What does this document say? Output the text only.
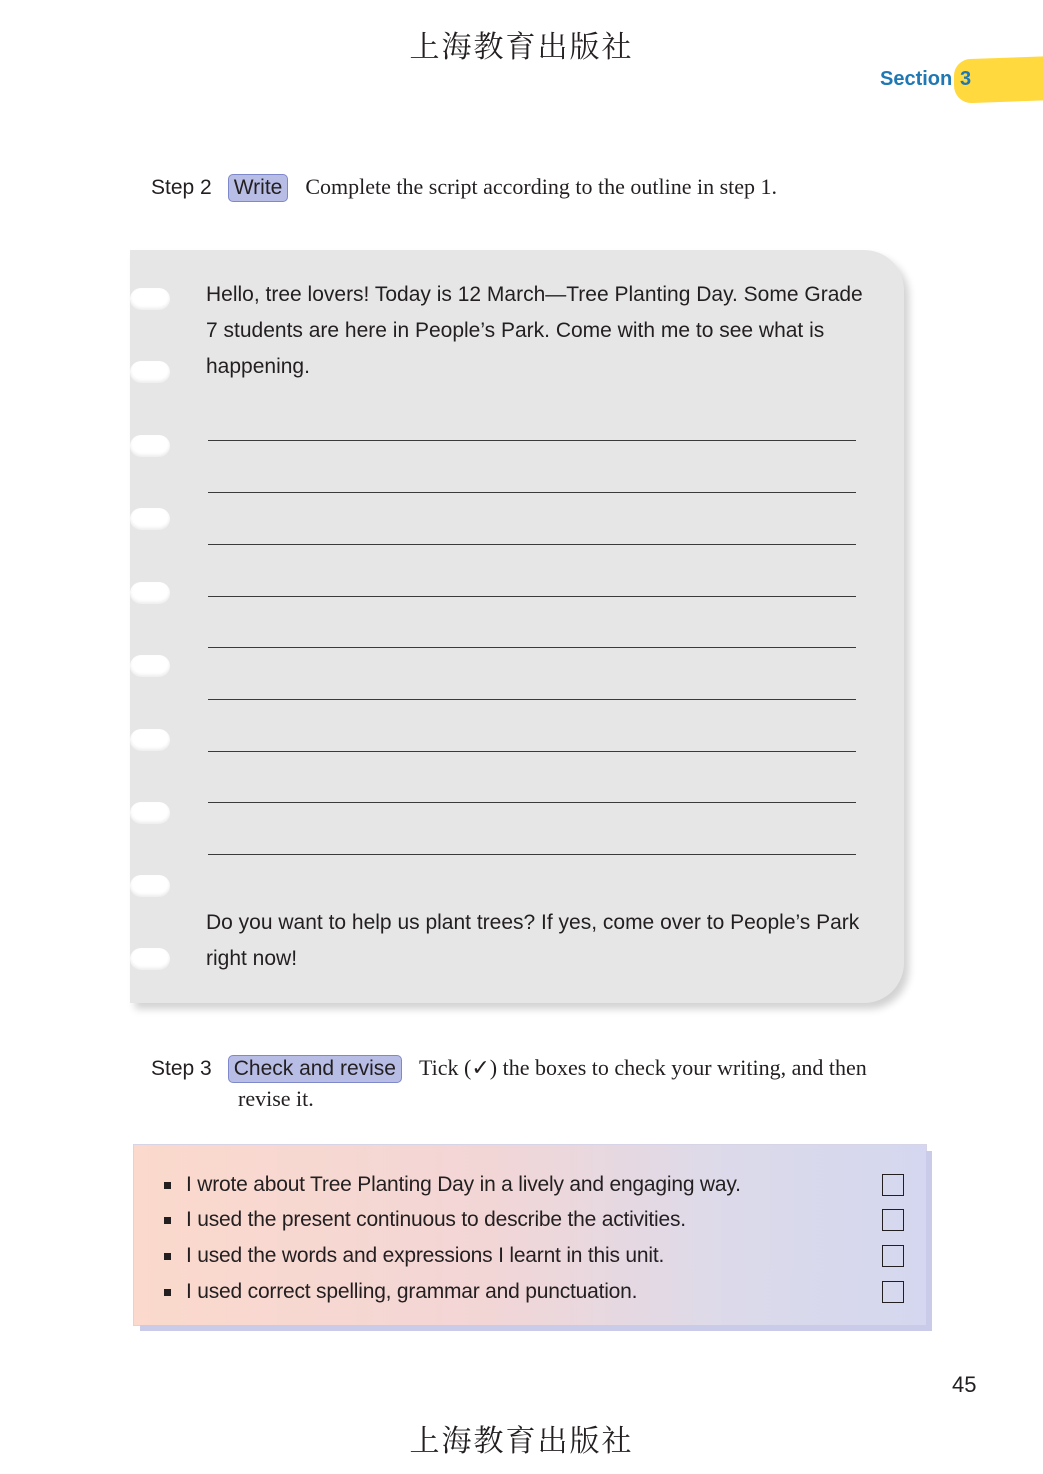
上海教育出版社
Section 3
Step 2 Write Complete the script according to the outline in step 1.
Hello, tree lovers! Today is 12 March—Tree Planting Day. Some Grade 7 students are here in People’s Park. Come with me to see what is happening.
Do you want to help us plant trees? If yes, come over to People’s Park right now!
Step 3 Check and revise Tick (✓) the boxes to check your writing, and then
revise it.
I wrote about Tree Planting Day in a lively and engaging way.
I used the present continuous to describe the activities.
I used the words and expressions I learnt in this unit.
I used correct spelling, grammar and punctuation.
45
上海教育出版社
